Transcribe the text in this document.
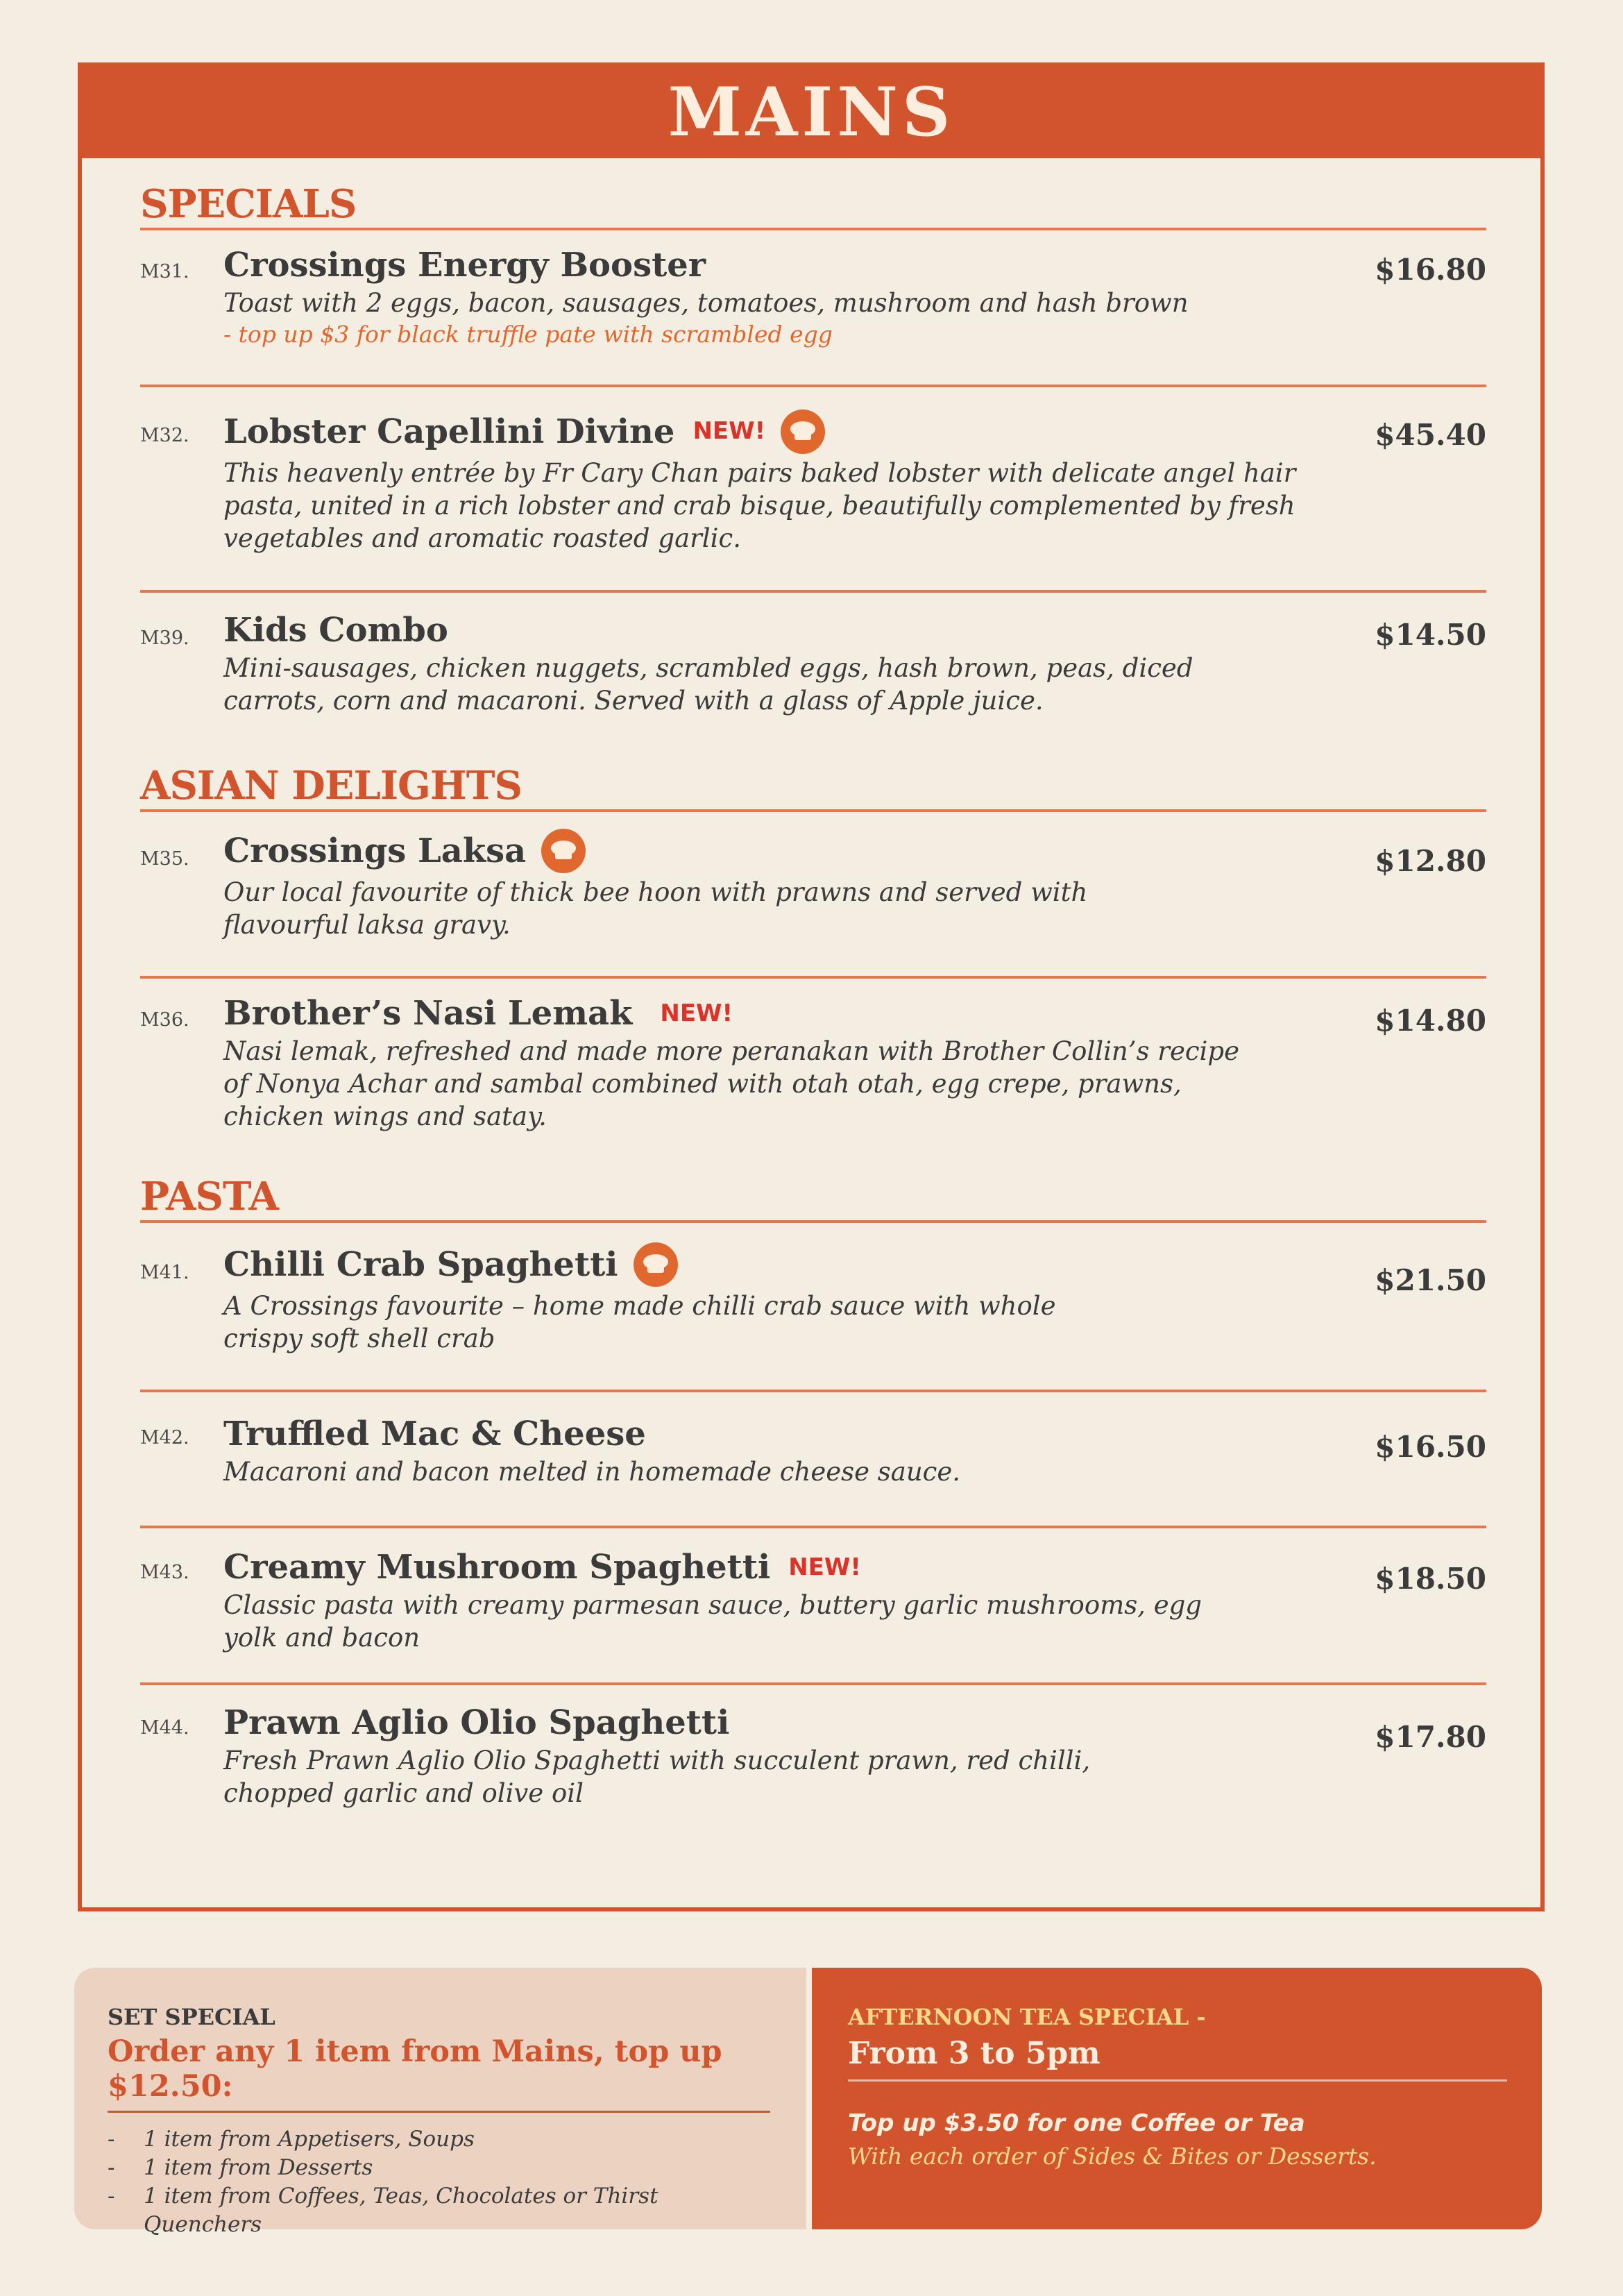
MAINS
SPECIALS
M31.	$16.80
Crossings Energy Booster
Toast with 2 eggs, bacon, sausages, tomatoes, mushroom and hash brown
- top up $3 for black truffle pate with scrambled egg
M32.	$45.40
Lobster Capellini Divine NEW!
This heavenly entrée by Fr Cary Chan pairs baked lobster with delicate angel hair pasta, united in a rich lobster and crab bisque, beautifully complemented by fresh vegetables and aromatic roasted garlic.
M39.	$14.50
Kids Combo
Mini-sausages, chicken nuggets, scrambled eggs, hash brown, peas, diced carrots, corn and macaroni. Served with a glass of Apple juice.
ASIAN DELIGHTS
M35.	$12.80
Crossings Laksa
Our local favourite of thick bee hoon with prawns and served with flavourful laksa gravy.
M36.	$14.80
Brother’s Nasi Lemak NEW!
Nasi lemak, refreshed and made more peranakan with Brother Collin’s recipe of Nonya Achar and sambal combined with otah otah, egg crepe, prawns, chicken wings and satay.
PASTA
M41.	$21.50
Chilli Crab Spaghetti
A Crossings favourite – home made chilli crab sauce with whole crispy soft shell crab
M42.	$16.50
Truffled Mac & Cheese
Macaroni and bacon melted in homemade cheese sauce.
M43.	$18.50
Creamy Mushroom Spaghetti NEW!
Classic pasta with creamy parmesan sauce, buttery garlic mushrooms, egg yolk and bacon
M44.	$17.80
Prawn Aglio Olio Spaghetti
Fresh Prawn Aglio Olio Spaghetti with succulent prawn, red chilli, chopped garlic and olive oil
SET SPECIAL
Order any 1 item from Mains, top up $12.50:
- 1 item from Appetisers, Soups
- 1 item from Desserts
- 1 item from Coffees, Teas, Chocolates or Thirst Quenchers
AFTERNOON TEA SPECIAL -
From 3 to 5pm
Top up $3.50 for one Coffee or Tea
With each order of Sides & Bites or Desserts.
